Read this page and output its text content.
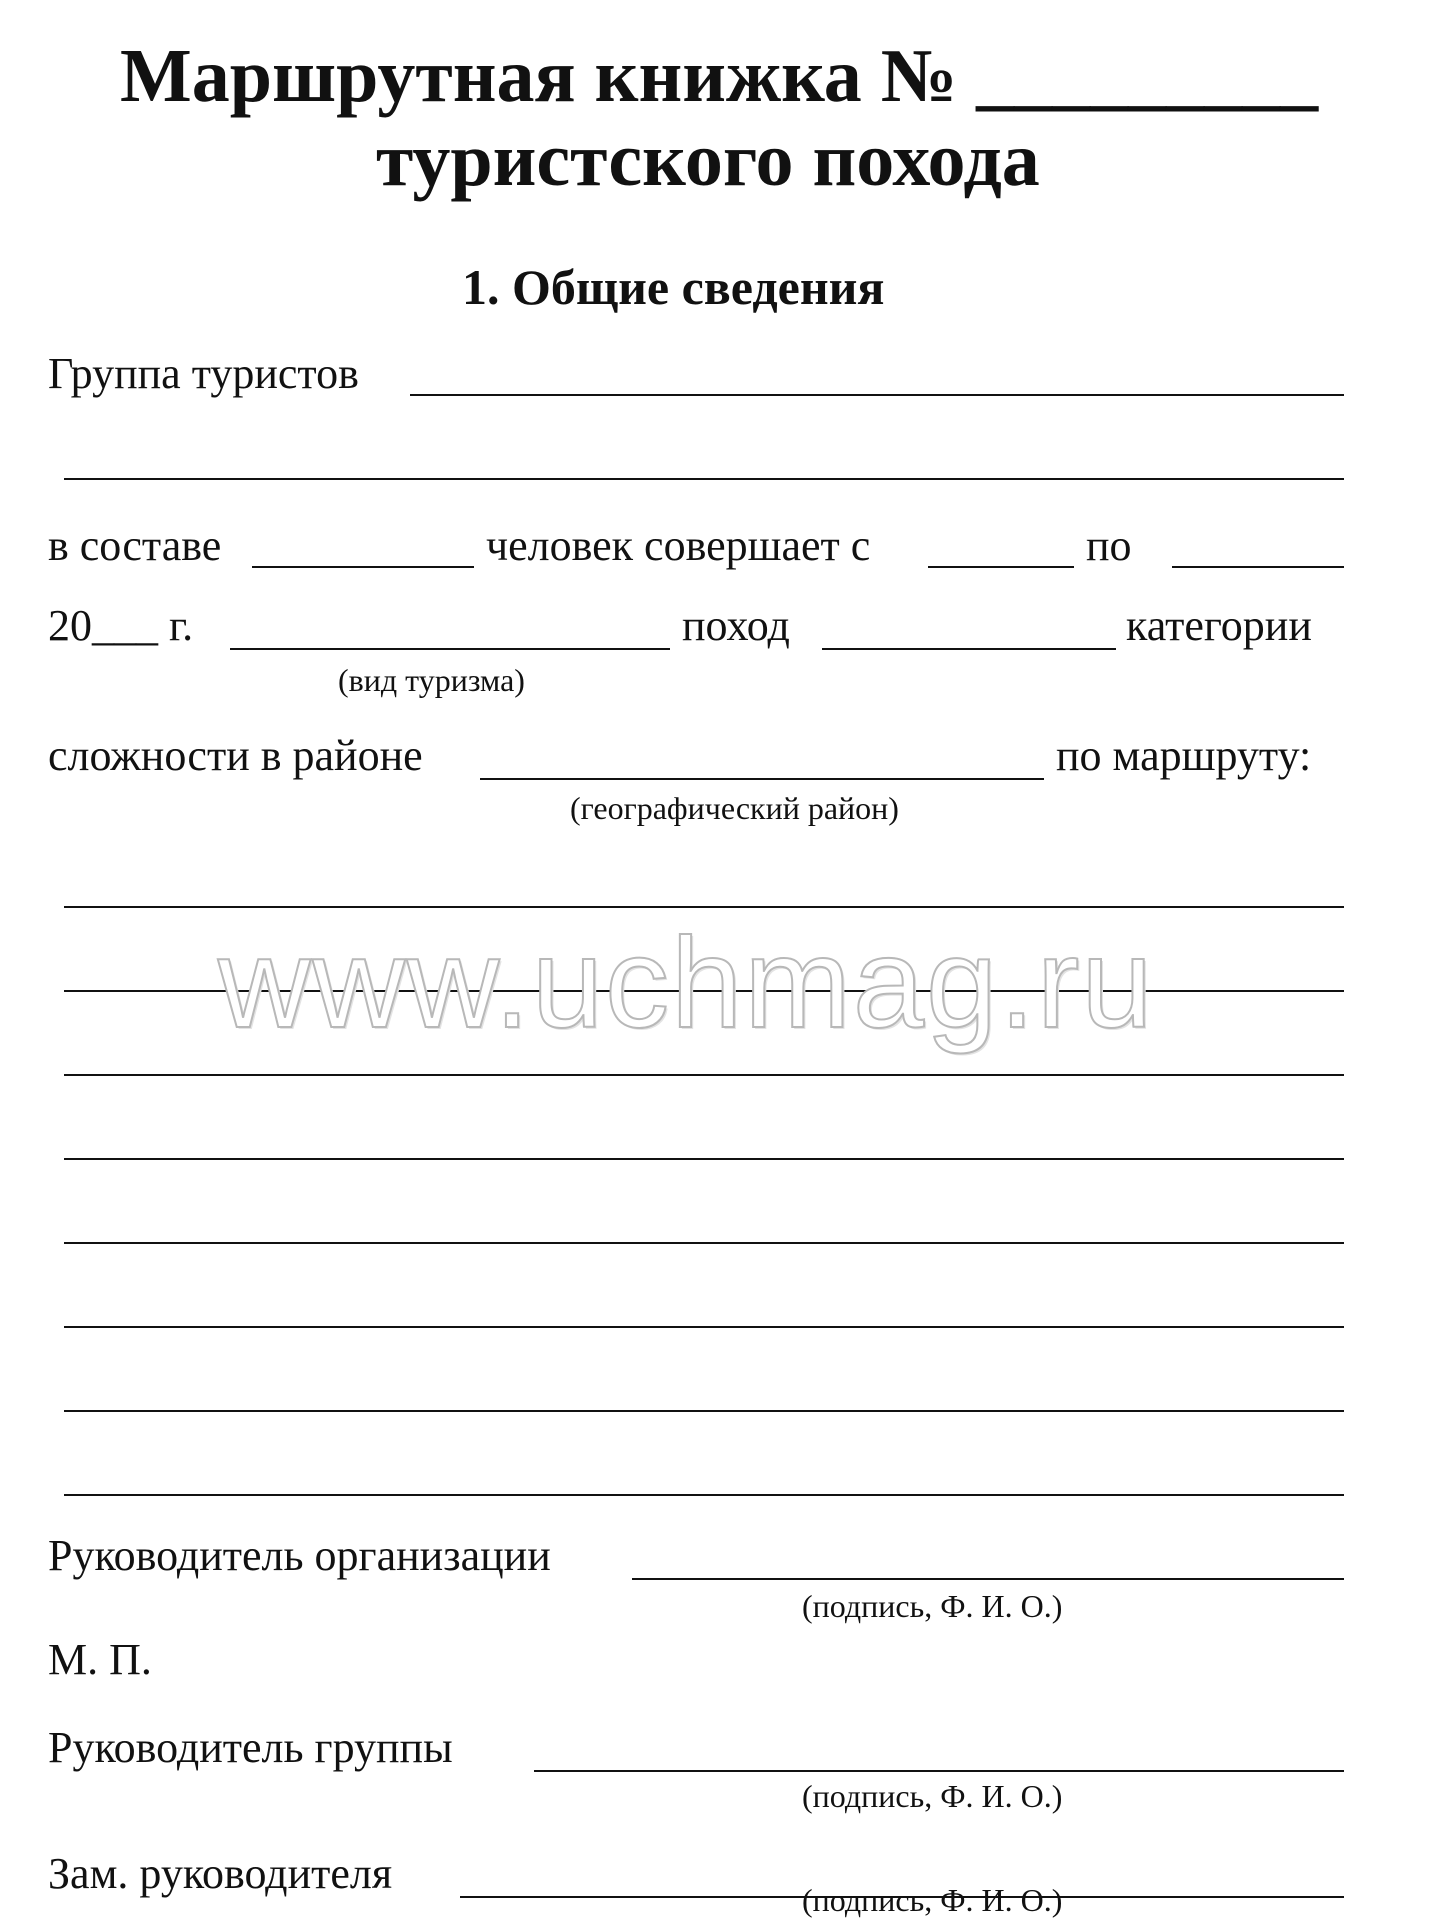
Маршрутная книжка № _________
туристского похода
1. Общие сведения
Группа туристов
в составе	человек совершает с	по
20___ г.	поход	категории
(вид туризма)
сложности в районе	по маршруту:
(географический район)
www.uchmag.ru
Руководитель организации
(подпись, Ф. И. О.)
М. П.
Руководитель группы
(подпись, Ф. И. О.)
Зам. руководителя
(подпись, Ф. И. О.)
